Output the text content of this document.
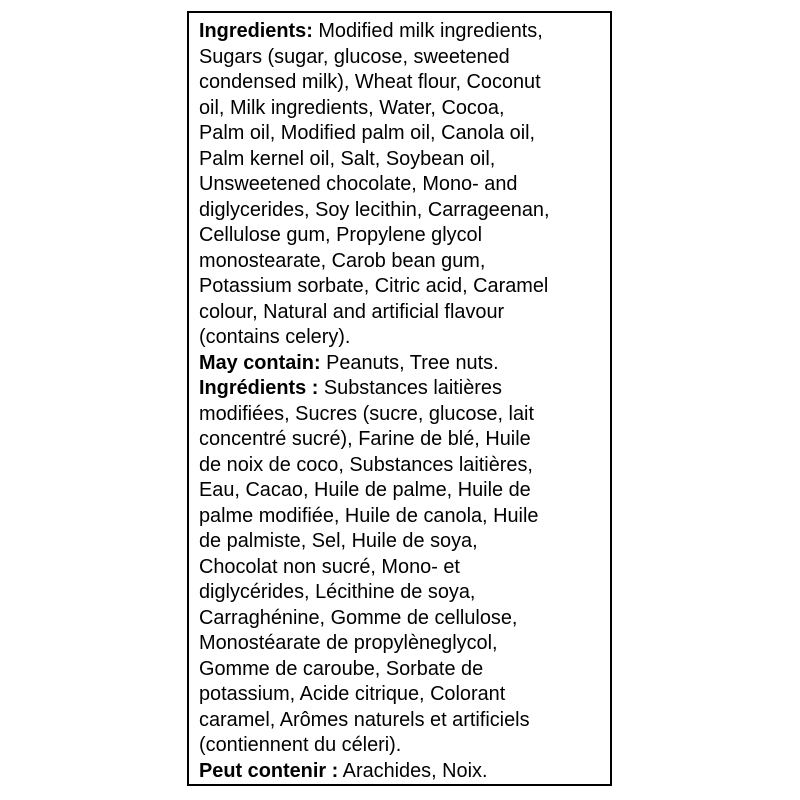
Ingredients: Modified milk ingredients,
Sugars (sugar, glucose, sweetened
condensed milk), Wheat flour, Coconut
oil, Milk ingredients, Water, Cocoa,
Palm oil, Modified palm oil, Canola oil,
Palm kernel oil, Salt, Soybean oil,
Unsweetened chocolate, Mono- and
diglycerides, Soy lecithin, Carrageenan,
Cellulose gum, Propylene glycol
monostearate, Carob bean gum,
Potassium sorbate, Citric acid, Caramel
colour, Natural and artificial flavour
(contains celery).
May contain: Peanuts, Tree nuts.
Ingrédients : Substances laitières
modifiées, Sucres (sucre, glucose, lait
concentré sucré), Farine de blé, Huile
de noix de coco, Substances laitières,
Eau, Cacao, Huile de palme, Huile de
palme modifiée, Huile de canola, Huile
de palmiste, Sel, Huile de soya,
Chocolat non sucré, Mono- et
diglycérides, Lécithine de soya,
Carraghénine, Gomme de cellulose,
Monostéarate de propylèneglycol,
Gomme de caroube, Sorbate de
potassium, Acide citrique, Colorant
caramel, Arômes naturels et artificiels
(contiennent du céleri).
Peut contenir : Arachides, Noix.
